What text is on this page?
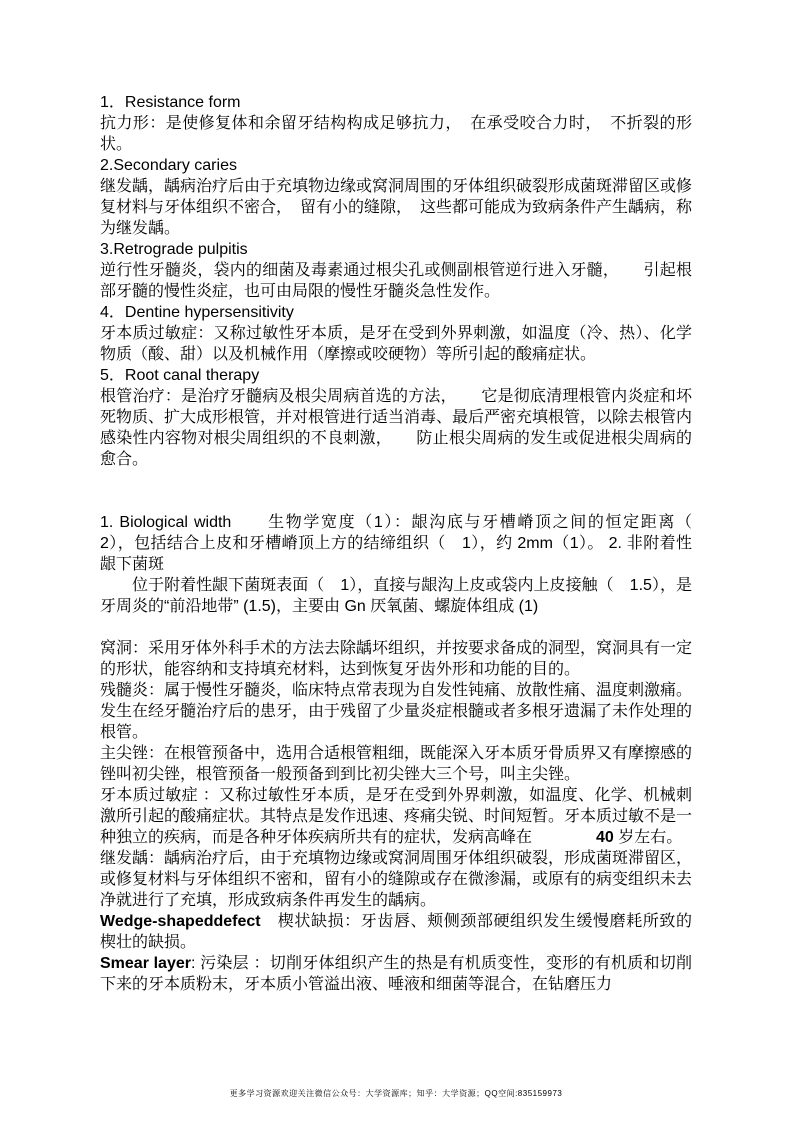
1．Resistance form

抗力形：是使修复体和余留牙结构构成足够抗力，　在承受咬合力时，　不折裂的形状。

2.Secondary caries

继发龋，龋病治疗后由于充填物边缘或窝洞周围的牙体组织破裂形成菌斑滞留区或修复材料与牙体组织不密合，　留有小的缝隙，　这些都可能成为致病条件产生龋病，称为继发龋。

3.Retrograde pulpitis

逆行性牙髓炎，袋内的细菌及毒素通过根尖孔或侧副根管逆行进入牙髓，　　引起根部牙髓的慢性炎症，也可由局限的慢性牙髓炎急性发作。

4．Dentine hypersensitivity

牙本质过敏症：又称过敏性牙本质，是牙在受到外界刺激，如温度（冷、热）、化学物质（酸、甜）以及机械作用（摩擦或咬硬物）等所引起的酸痛症状。

5．Root canal therapy

根管治疗：是治疗牙髓病及根尖周病首选的方法，　　它是彻底清理根管内炎症和坏死物质、扩大成形根管，并对根管进行适当消毒、最后严密充填根管，以除去根管内感染性内容物对根尖周组织的不良刺激，　　防止根尖周病的发生或促进根尖周病的愈合。

1. Biological width　　生物学宽度（1）：龈沟底与牙槽嵴顶之间的恒定距离（　2），包括结合上皮和牙槽嵴顶上方的结缔组织（　1），约 2mm（1）。 2. 非附着性龈下菌斑

　　位于附着性龈下菌斑表面（　1），直接与龈沟上皮或袋内上皮接触（　1.5），是牙周炎的“前沿地带” (1.5)，主要由 Gn 厌氧菌、螺旋体组成 (1)

窝洞：采用牙体外科手术的方法去除龋坏组织，并按要求备成的洞型，窝洞具有一定的形状，能容纳和支持填充材料，达到恢复牙齿外形和功能的目的。

残髓炎：属于慢性牙髓炎，临床特点常表现为自发性钝痛、放散性痛、温度刺激痛。发生在经牙髓治疗后的患牙，由于残留了少量炎症根髓或者多根牙遗漏了未作处理的根管。

主尖锉：在根管预备中，选用合适根管粗细，既能深入牙本质牙骨质界又有摩擦感的锉叫初尖锉，根管预备一般预备到到比初尖锉大三个号，叫主尖锉。

牙本质过敏症 ：又称过敏性牙本质，是牙在受到外界刺激，如温度、化学、机械刺激所引起的酸痛症状。其特点是发作迅速、疼痛尖锐、时间短暂。牙本质过敏不是一种独立的疾病，而是各种牙体疾病所共有的症状，发病高峰在　　　　40 岁左右。

继发龋：龋病治疗后，由于充填物边缘或窝洞周围牙体组织破裂，形成菌斑滞留区，或修复材料与牙体组织不密和，留有小的缝隙或存在微渗漏，或原有的病变组织未去净就进行了充填，形成致病条件再发生的龋病。

Wedge-shapeddefect　楔状缺损：牙齿唇、颊侧颈部硬组织发生缓慢磨耗所致的楔壮的缺损。

Smear layer: 污染层 ：切削牙体组织产生的热是有机质变性，变形的有机质和切削下来的牙本质粉末，牙本质小管溢出液、唾液和细菌等混合，在钻磨压力

更多学习资源欢迎关注微信公众号：大学资源库；知乎：大学资源；QQ空间:835159973
